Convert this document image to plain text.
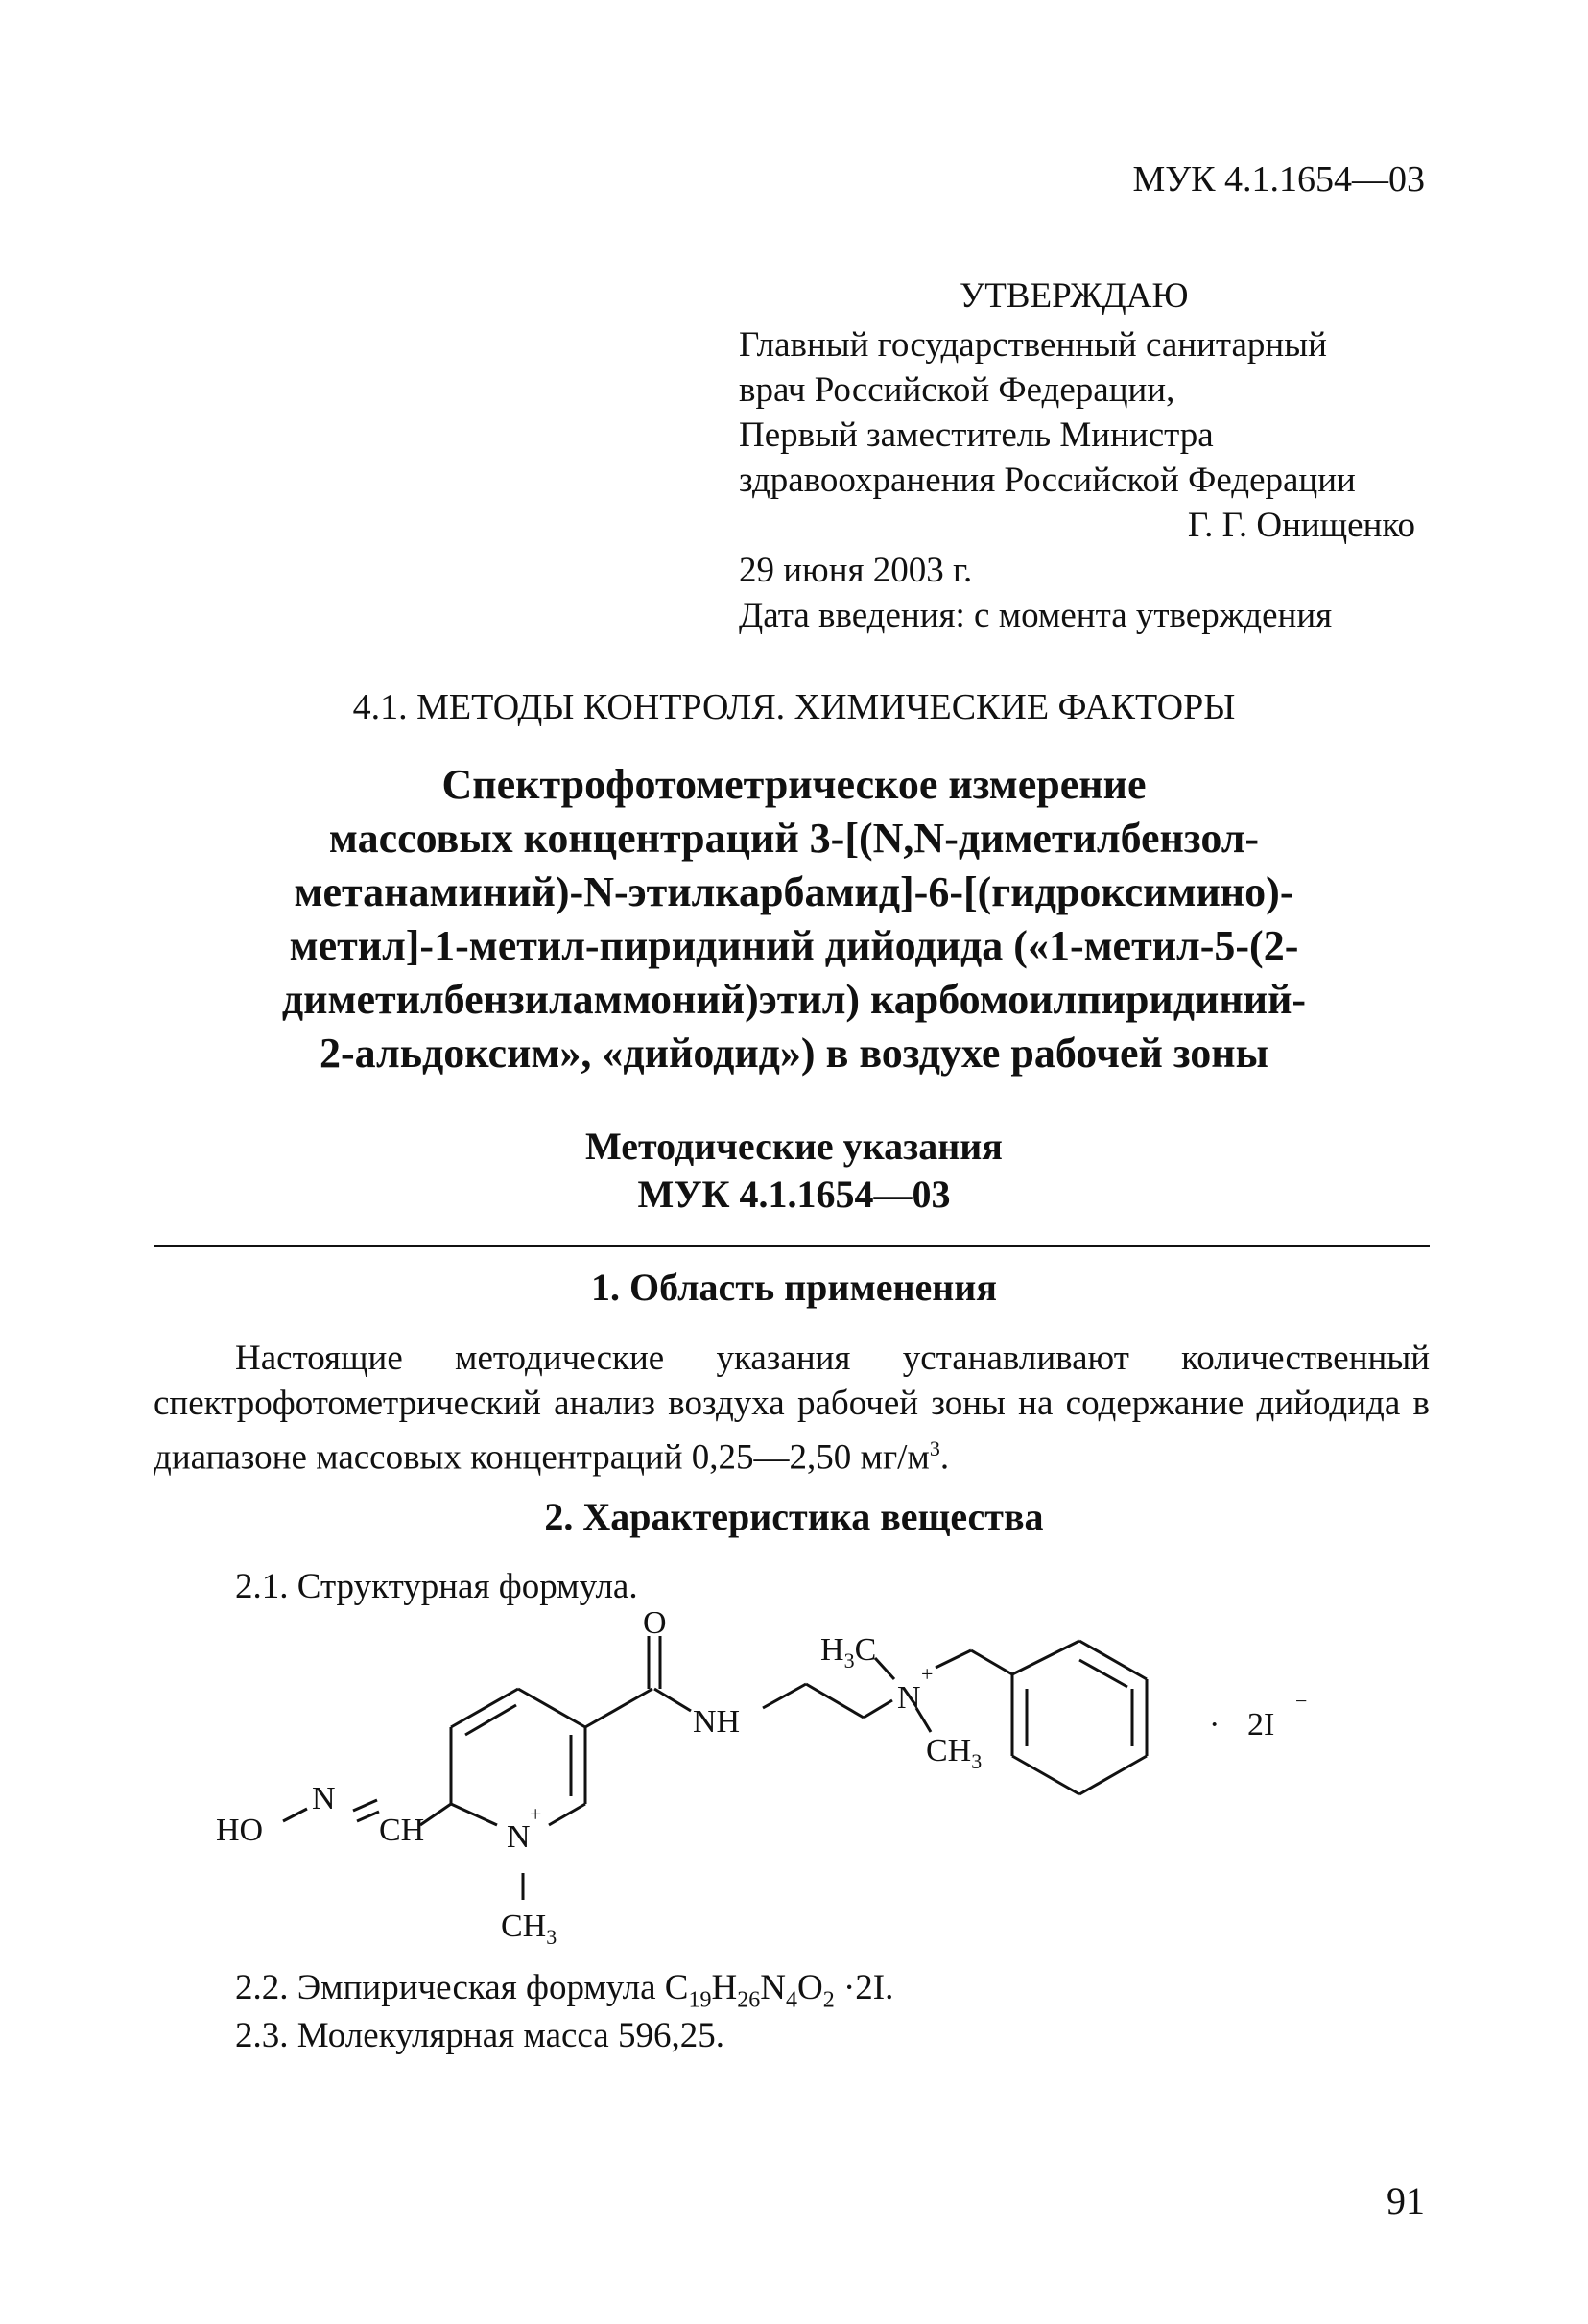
МУК 4.1.1654—03
УТВЕРЖДАЮ
Главный государственный санитарный
врач Российской Федерации,
Первый заместитель Министра
здравоохранения Российской Федерации
Г. Г. Онищенко
29 июня 2003 г.
Дата введения: с момента утверждения
4.1. МЕТОДЫ КОНТРОЛЯ. ХИМИЧЕСКИЕ ФАКТОРЫ
Спектрофотометрическое измерение
массовых концентраций 3-[(N,N-диметилбензол-
метанаминий)-N-этилкарбамид]-6-[(гидроксимино)-
метил]-1-метил-пиридиний дийодида («1-метил-5-(2-
диметилбензиламмоний)этил) карбомоилпиридиний-
2-альдоксим», «дийодид») в воздухе рабочей зоны
Методические указания
МУК 4.1.1654—03
1. Область применения
Настоящие методические указания устанавливают количественный спектрофотометрический анализ воздуха рабочей зоны на содержание дийодида в диапазоне массовых концентраций 0,25—2,50 $мг/м^3$.
2. Характеристика вещества
2.1. Структурная формула.
O
NH
$H_3C$
N
+
$CH_3$
HO
N
CH	N
+
$CH_3$
· 2I
−
2.2. Эмпирическая формула $C_{19}H_{26}N_4O_2 \cdot 2I$.
2.3. Молекулярная масса 596,25.
91
